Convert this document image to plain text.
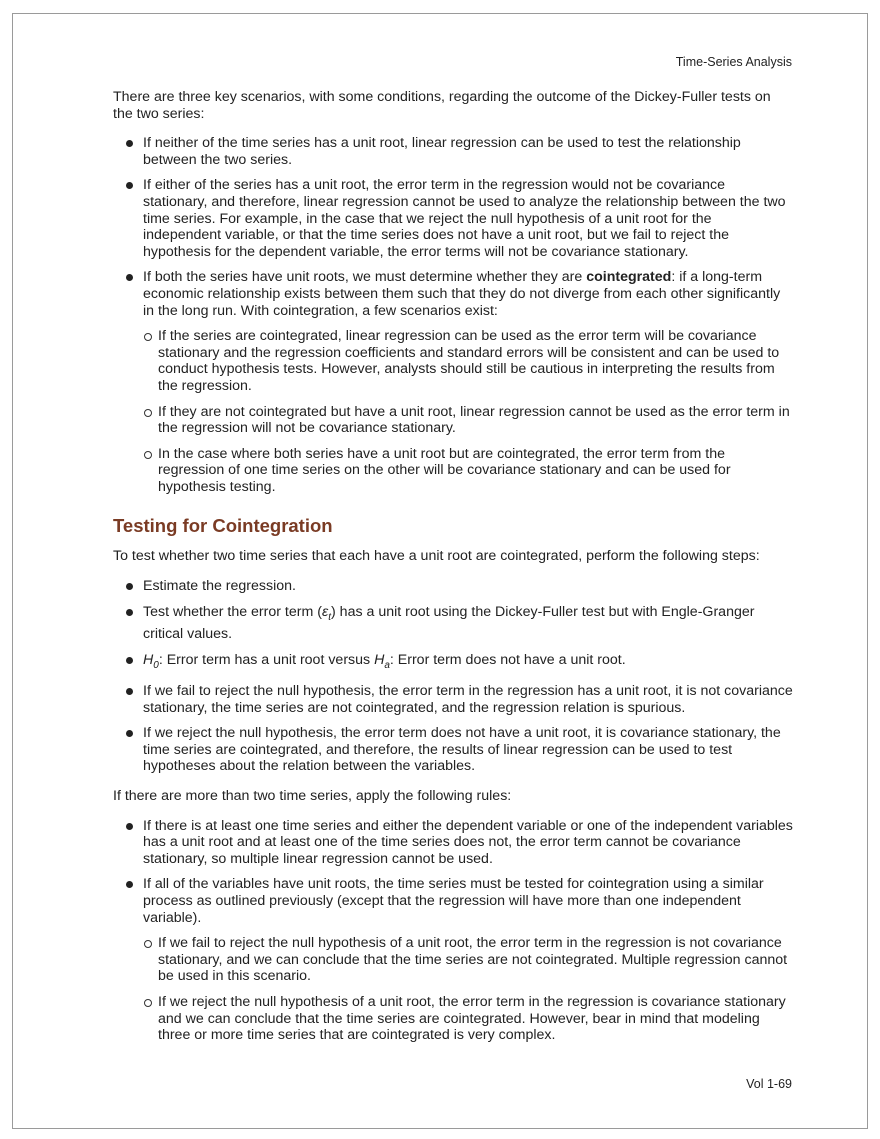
Time-Series Analysis

There are three key scenarios, with some conditions, regarding the outcome of the Dickey-Fuller tests on the two series:

If neither of the time series has a unit root, linear regression can be used to test the relationship between the two series.
If either of the series has a unit root, the error term in the regression would not be covariance stationary, and therefore, linear regression cannot be used to analyze the relationship between the two time series. For example, in the case that we reject the null hypothesis of a unit root for the independent variable, or that the time series does not have a unit root, but we fail to reject the hypothesis for the dependent variable, the error terms will not be covariance stationary.
If both the series have unit roots, we must determine whether they are cointegrated: if a long-term economic relationship exists between them such that they do not diverge from each other significantly in the long run. With cointegration, a few scenarios exist:
If the series are cointegrated, linear regression can be used as the error term will be covariance stationary and the regression coefficients and standard errors will be consistent and can be used to conduct hypothesis tests. However, analysts should still be cautious in interpreting the results from the regression.
If they are not cointegrated but have a unit root, linear regression cannot be used as the error term in the regression will not be covariance stationary.
In the case where both series have a unit root but are cointegrated, the error term from the regression of one time series on the other will be covariance stationary and can be used for hypothesis testing.
Testing for Cointegration

To test whether two time series that each have a unit root are cointegrated, perform the following steps:

Estimate the regression.
Test whether the error term $(\varepsilon_t)$ has a unit root using the Dickey-Fuller test but with Engle-Granger critical values.
$H_0$: Error term has a unit root versus $H_a$: Error term does not have a unit root.
If we fail to reject the null hypothesis, the error term in the regression has a unit root, it is not covariance stationary, the time series are not cointegrated, and the regression relation is spurious.
If we reject the null hypothesis, the error term does not have a unit root, it is covariance stationary, the time series are cointegrated, and therefore, the results of linear regression can be used to test hypotheses about the relation between the variables.

If there are more than two time series, apply the following rules:

If there is at least one time series and either the dependent variable or one of the independent variables has a unit root and at least one of the time series does not, the error term cannot be covariance stationary, so multiple linear regression cannot be used.
If all of the variables have unit roots, the time series must be tested for cointegration using a similar process as outlined previously (except that the regression will have more than one independent variable).
If we fail to reject the null hypothesis of a unit root, the error term in the regression is not covariance stationary, and we can conclude that the time series are not cointegrated. Multiple regression cannot be used in this scenario.
If we reject the null hypothesis of a unit root, the error term in the regression is covariance stationary and we can conclude that the time series are cointegrated. However, bear in mind that modeling three or more time series that are cointegrated is very complex.
Vol 1-69
